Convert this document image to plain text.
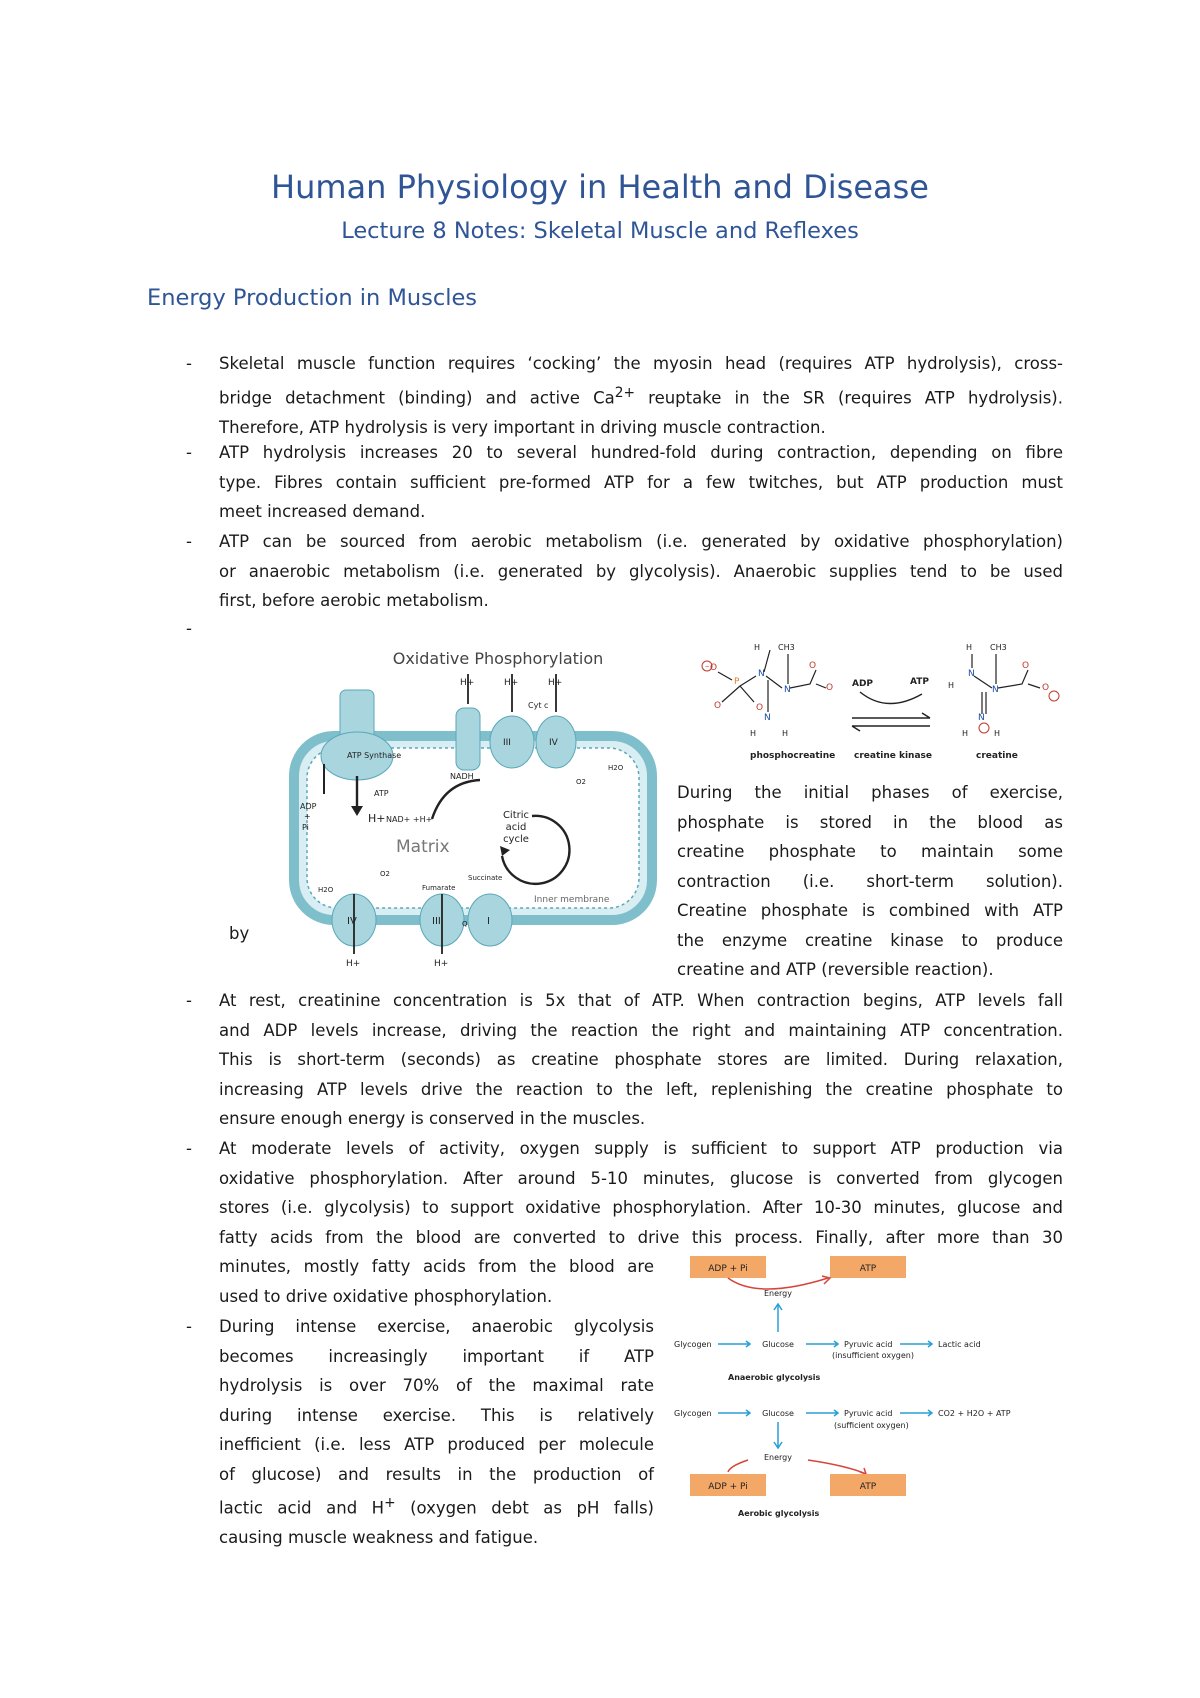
Human Physiology in Health and Disease
Lecture 8 Notes: Skeletal Muscle and Reflexes
Energy Production in Muscles
-	Skeletal muscle function requires ‘cocking’ the myosin head (requires ATP hydrolysis), cross-
bridge detachment (binding) and active $Ca^{2+}$ reuptake in the SR (requires ATP hydrolysis).
Therefore, ATP hydrolysis is very important in driving muscle contraction.
-	ATP hydrolysis increases 20 to several hundred-fold during contraction, depending on fibre
type. Fibres contain sufficient pre-formed ATP for a few twitches, but ATP production must
meet increased demand.
-	ATP can be sourced from aerobic metabolism (i.e. generated by oxidative phosphorylation)
or anaerobic metabolism (i.e. generated by glycolysis). Anaerobic supplies tend to be used
first, before aerobic metabolism.
-
by
During the initial phases of exercise,
phosphate is stored in the blood as
creatine phosphate to maintain some
contraction (i.e. short-term solution).
Creatine phosphate is combined with ATP
the enzyme creatine kinase to produce
creatine and ATP (reversible reaction).
Oxidative Phosphorylation
ATP Synthase
ADP
+
Pi
H+
ATP
NAD+ +H+
NADH
Citric
acid
cycle
Matrix
Fumarate
Succinate
Inner membrane
Cyt c
O2
H2O
H2O
O2
H+	H+	H+
H+	H+
IV
III
IV	III	I
Q
− O
P
O	O
N
H
N
CH3
N
H	H
O
O
phosphocreatine
ADP	ATP
creatine kinase
H CH3
H
N
N
N
H	H
O
O
creatine
-	At rest, creatinine concentration is 5x that of ATP. When contraction begins, ATP levels fall
and ADP levels increase, driving the reaction the right and maintaining ATP concentration.
This is short-term (seconds) as creatine phosphate stores are limited. During relaxation,
increasing ATP levels drive the reaction to the left, replenishing the creatine phosphate to
ensure enough energy is conserved in the muscles.
-	At moderate levels of activity, oxygen supply is sufficient to support ATP production via
oxidative phosphorylation. After around 5-10 minutes, glucose is converted from glycogen
stores (i.e. glycolysis) to support oxidative phosphorylation. After 10-30 minutes, glucose and
fatty acids from the blood are converted to drive this process. Finally, after more than 30
minutes, mostly fatty acids from the blood are
used to drive oxidative phosphorylation.
-	During intense exercise, anaerobic glycolysis
becomes increasingly important if ATP
hydrolysis is over 70% of the maximal rate
during intense exercise. This is relatively
inefficient (i.e. less ATP produced per molecule
of glucose) and results in the production of
lactic acid and H+ (oxygen debt as pH falls)
causing muscle weakness and fatigue.
ADP + Pi	ATP
Energy
Glycogen	Glucose	Pyruvic acid
(insufficient oxygen)
Lactic acid
Anaerobic glycolysis
Glycogen	Glucose	Pyruvic acid
(sufficient oxygen)
CO2 + H2O + ATP
Energy
ADP + Pi	ATP
Aerobic glycolysis
